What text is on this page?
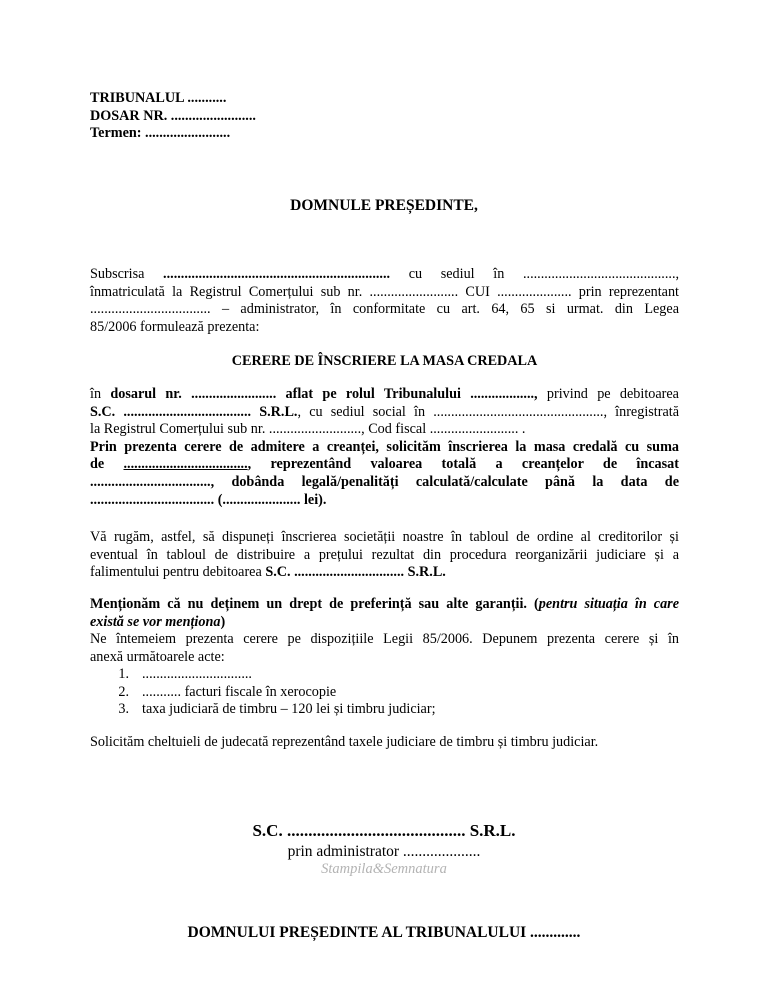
TRIBUNALUL ...........
DOSAR NR. ........................
Termen: ........................
DOMNULE PREȘEDINTE,
Subscrisa ................................................................ cu sediul în ...........................................,
înmatriculată la Registrul Comerțului sub nr. ......................... CUI ..................... prin reprezentant
.................................. – administrator, în conformitate cu art. 64, 65 si urmat. din Legea
85/2006 formulează prezenta:
CERERE DE ÎNSCRIERE LA MASA CREDALA
în dosarul nr. ........................ aflat pe rolul Tribunalului .................., privind pe debitoarea
S.C. .................................... S.R.L., cu sediul social în ................................................, înregistrată
la Registrul Comerțului sub nr. .........................., Cod fiscal ......................... .
Prin prezenta cerere de admitere a creanței, solicităm înscrierea la masa credală cu suma
de ..................................., reprezentând valoarea totală a creanțelor de încasat
.................................., dobânda legală/penalități calculată/calculate până la data de
................................... (...................... lei).
Vă rugăm, astfel, să dispuneți înscrierea societății noastre în tabloul de ordine al creditorilor și
eventual în tabloul de distribuire a prețului rezultat din procedura reorganizării judiciare și a
falimentului pentru debitoarea S.C. ............................... S.R.L.
Menționăm că nu deținem un drept de preferință sau alte garanții. (pentru situația în care
există se vor menționa)
Ne întemeiem prezenta cerere pe dispozițiile Legii 85/2006. Depunem prezenta cerere și în
anexă următoarele acte:
1. ...............................
2. ........... facturi fiscale în xerocopie
3. taxa judiciară de timbru – 120 lei și timbru judiciar;
Solicităm cheltuieli de judecată reprezentând taxele judiciare de timbru și timbru judiciar.
S.C. .......................................... S.R.L.
prin administrator ....................
Stampila&Semnatura
DOMNULUI PREȘEDINTE AL TRIBUNALULUI .............
